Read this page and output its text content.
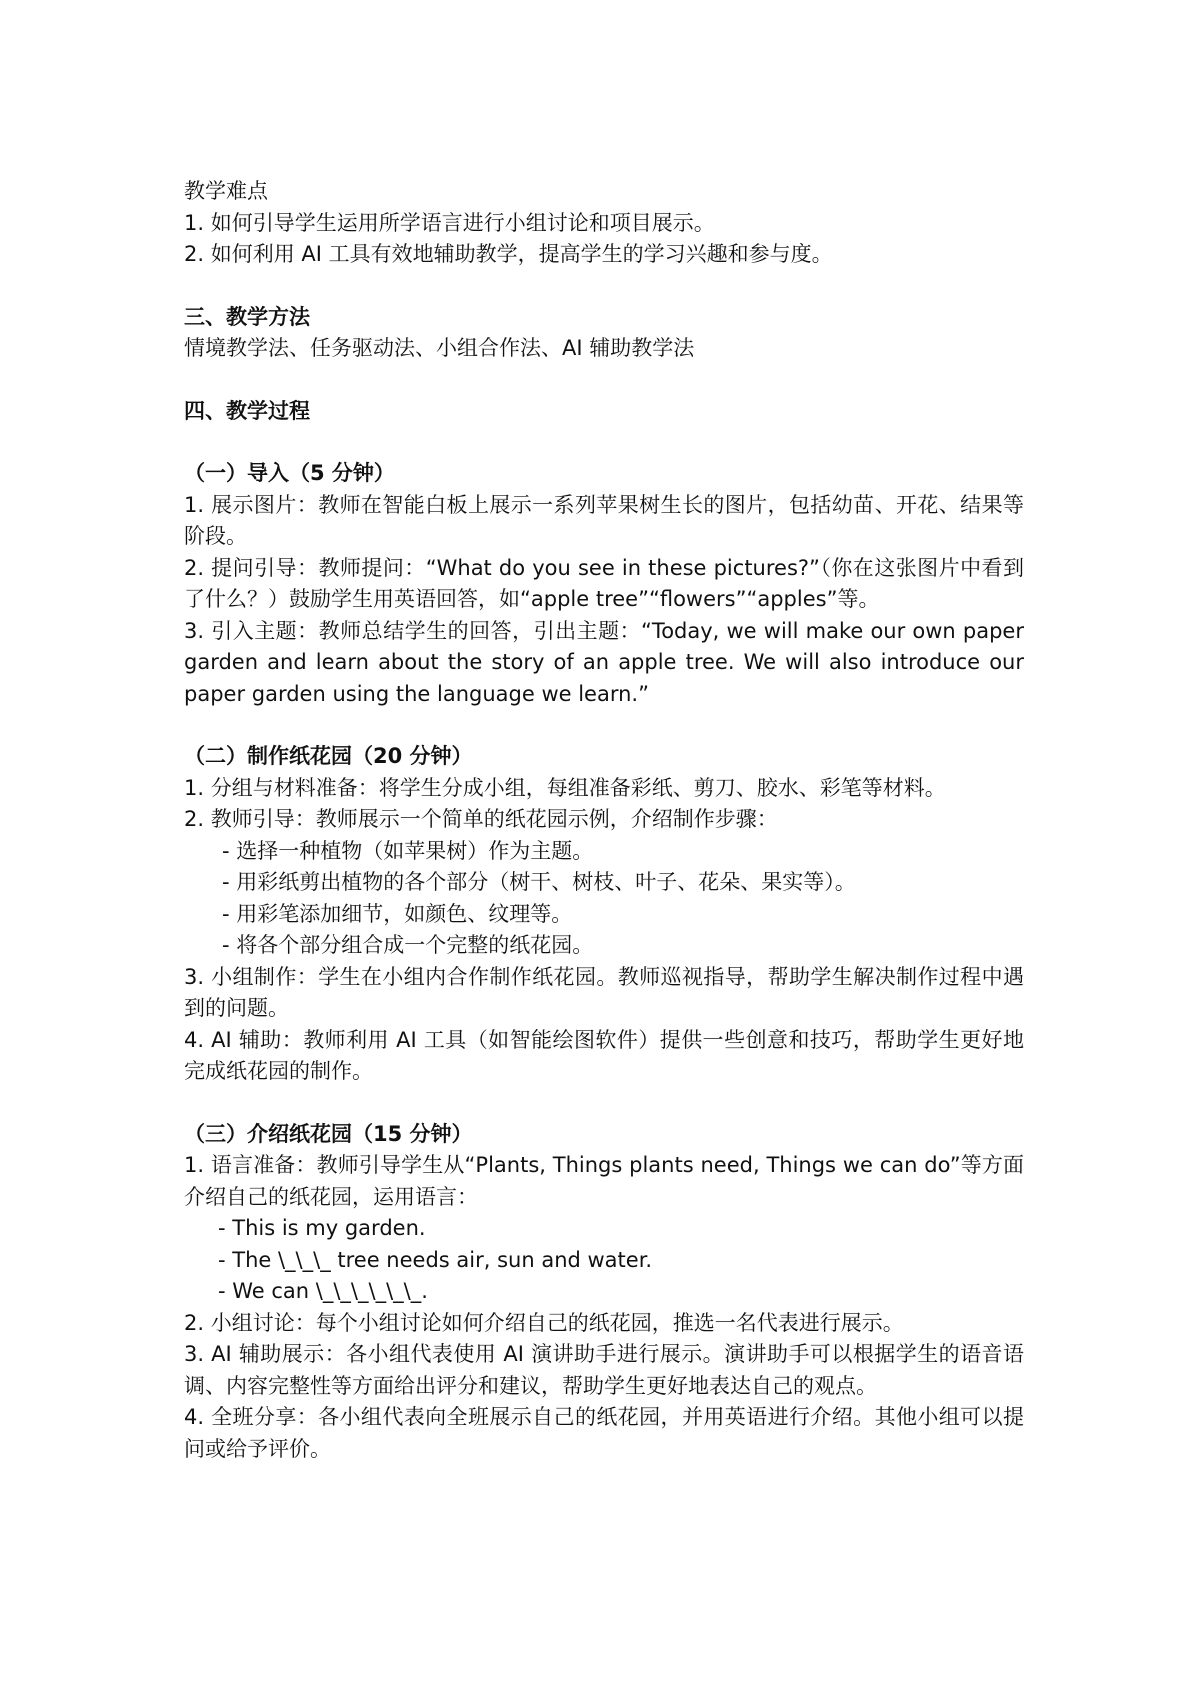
教学难点
1. 如何引导学生运用所学语言进行小组讨论和项目展示。
2. 如何利用 AI 工具有效地辅助教学，提高学生的学习兴趣和参与度。
三、教学方法
情境教学法、任务驱动法、小组合作法、AI 辅助教学法
四、教学过程
（一）导入（5 分钟）
1. 展示图片：教师在智能白板上展示一系列苹果树生长的图片，包括幼苗、开花、结果等阶段。
2. 提问引导：教师提问：“What do you see in these pictures?”（你在这张图片中看到了什么？）鼓励学生用英语回答，如“apple tree”“flowers”“apples”等。
3. 引入主题：教师总结学生的回答，引出主题：“Today, we will make our own paper garden and learn about the story of an apple tree. We will also introduce our paper garden using the language we learn.”
（二）制作纸花园（20 分钟）
1. 分组与材料准备：将学生分成小组，每组准备彩纸、剪刀、胶水、彩笔等材料。
2. 教师引导：教师展示一个简单的纸花园示例，介绍制作步骤：
- 选择一种植物（如苹果树）作为主题。
- 用彩纸剪出植物的各个部分（树干、树枝、叶子、花朵、果实等）。
- 用彩笔添加细节，如颜色、纹理等。
- 将各个部分组合成一个完整的纸花园。
3. 小组制作：学生在小组内合作制作纸花园。教师巡视指导，帮助学生解决制作过程中遇到的问题。
4. AI 辅助：教师利用 AI 工具（如智能绘图软件）提供一些创意和技巧，帮助学生更好地完成纸花园的制作。
（三）介绍纸花园（15 分钟）
1. 语言准备：教师引导学生从“Plants, Things plants need, Things we can do”等方面介绍自己的纸花园，运用语言：
- This is my garden.
- The \_\_\_ tree needs air, sun and water.
- We can \_\_\_\_\_\_.
2. 小组讨论：每个小组讨论如何介绍自己的纸花园，推选一名代表进行展示。
3. AI 辅助展示：各小组代表使用 AI 演讲助手进行展示。演讲助手可以根据学生的语音语调、内容完整性等方面给出评分和建议，帮助学生更好地表达自己的观点。
4. 全班分享：各小组代表向全班展示自己的纸花园，并用英语进行介绍。其他小组可以提问或给予评价。
